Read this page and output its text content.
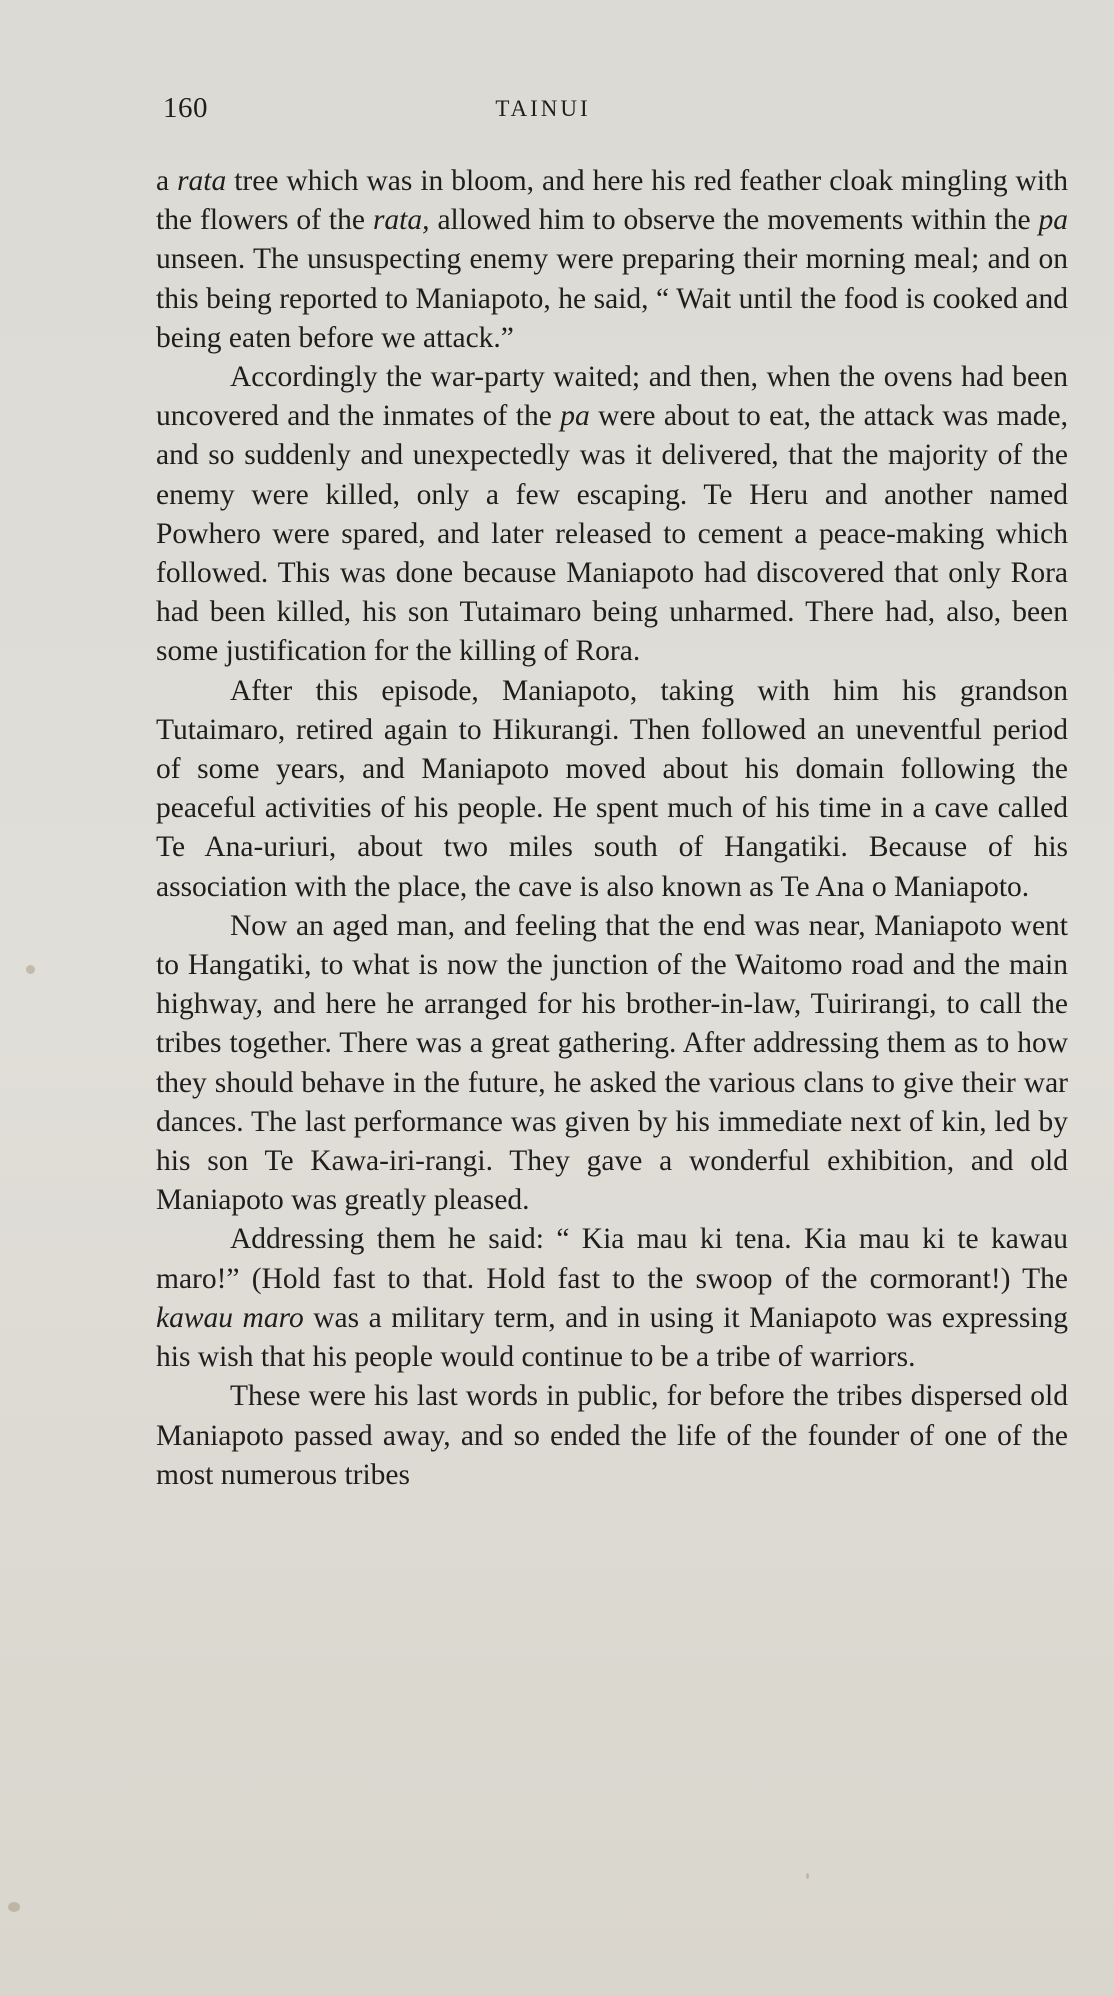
160	TAINUI

a rata tree which was in bloom, and here his red feather cloak mingling with the flowers of the rata, allowed him to observe the movements within the pa unseen. The unsuspecting enemy were preparing their morning meal; and on this being reported to Maniapoto, he said, “ Wait until the food is cooked and being eaten before we attack.”

Accordingly the war-party waited; and then, when the ovens had been uncovered and the inmates of the pa were about to eat, the attack was made, and so suddenly and unexpectedly was it delivered, that the majority of the enemy were killed, only a few escaping. Te Heru and another named Powhero were spared, and later released to cement a peace-making which followed. This was done because Maniapoto had discovered that only Rora had been killed, his son Tutaimaro being unharmed. There had, also, been some justification for the killing of Rora.

After this episode, Maniapoto, taking with him his grandson Tutaimaro, retired again to Hikurangi. Then followed an uneventful period of some years, and Maniapoto moved about his domain following the peaceful activities of his people. He spent much of his time in a cave called Te Ana-uriuri, about two miles south of Hangatiki. Because of his association with the place, the cave is also known as Te Ana o Maniapoto.

Now an aged man, and feeling that the end was near, Maniapoto went to Hangatiki, to what is now the junction of the Waitomo road and the main highway, and here he arranged for his brother-in-law, Tuirirangi, to call the tribes together. There was a great gathering. After addressing them as to how they should behave in the future, he asked the various clans to give their war dances. The last performance was given by his immediate next of kin, led by his son Te Kawa-iri-rangi. They gave a wonderful exhibition, and old Maniapoto was greatly pleased.

Addressing them he said: “ Kia mau ki tena. Kia mau ki te kawau maro!” (Hold fast to that. Hold fast to the swoop of the cormorant!) The kawau maro was a military term, and in using it Maniapoto was expressing his wish that his people would continue to be a tribe of warriors.

These were his last words in public, for before the tribes dispersed old Maniapoto passed away, and so ended the life of the founder of one of the most numerous tribes
